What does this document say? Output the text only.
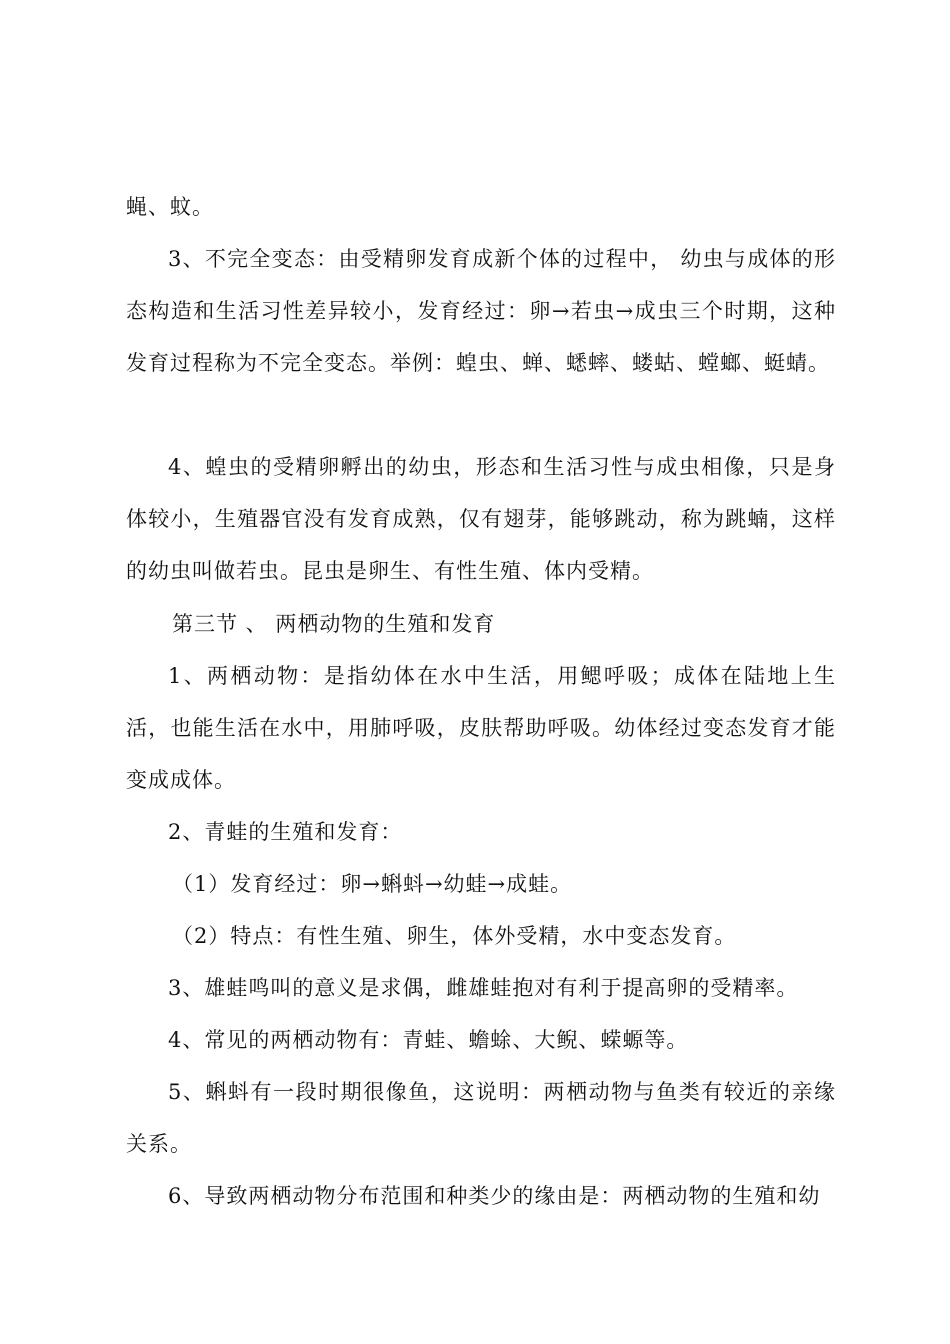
蝇、蚊。

3、不完全变态：由受精卵发育成新个体的过程中， 幼虫与成体的形态构造和生活习性差异较小，发育经过：卵→若虫→成虫三个时期，这种发育过程称为不完全变态。举例：蝗虫、蝉、蟋蟀、蝼蛄、螳螂、蜓蜻。

4、蝗虫的受精卵孵出的幼虫，形态和生活习性与成虫相像，只是身体较小，生殖器官没有发育成熟，仅有翅芽，能够跳动，称为跳蝻，这样的幼虫叫做若虫。昆虫是卵生、有性生殖、体内受精。

第三节 、 两栖动物的生殖和发育

1、两栖动物：是指幼体在水中生活，用鳃呼吸；成体在陆地上生活，也能生活在水中，用肺呼吸，皮肤帮助呼吸。幼体经过变态发育才能变成成体。

2、青蛙的生殖和发育：

（1）发育经过：卵→蝌蚪→幼蛙→成蛙。

（2）特点：有性生殖、卵生，体外受精，水中变态发育。

3、雄蛙鸣叫的意义是求偶，雌雄蛙抱对有利于提高卵的受精率。

4、常见的两栖动物有：青蛙、蟾蜍、大鲵、蝾螈等。

5、蝌蚪有一段时期很像鱼，这说明：两栖动物与鱼类有较近的亲缘关系。

6、导致两栖动物分布范围和种类少的缘由是：两栖动物的生殖和幼
